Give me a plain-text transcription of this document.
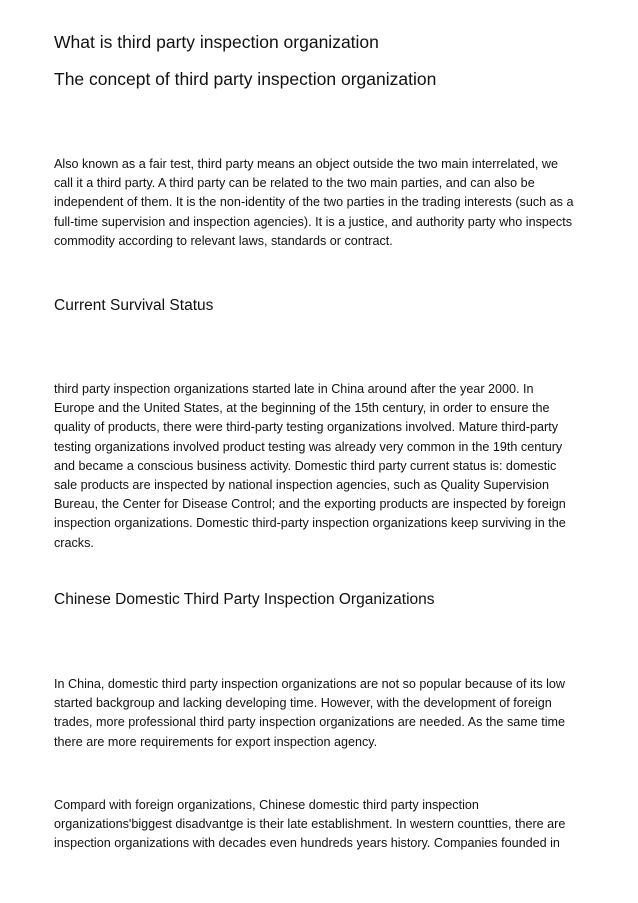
What is third party inspection organization
The concept of third party inspection organization

Also known as a fair test, third party means an object outside the two main interrelated, we
call it a third party. A third party can be related to the two main parties, and can also be
independent of them. It is the non-identity of the two parties in the trading interests (such as a
full-time supervision and inspection agencies). It is a justice, and authority party who inspects
commodity according to relevant laws, standards or contract.

Current Survival Status

third party inspection organizations started late in China around after the year 2000. In
Europe and the United States, at the beginning of the 15th century, in order to ensure the
quality of products, there were third-party testing organizations involved. Mature third-party
testing organizations involved product testing was already very common in the 19th century
and became a conscious business activity. Domestic third party current status is: domestic
sale products are inspected by national inspection agencies, such as Quality Supervision
Bureau, the Center for Disease Control; and the exporting products are inspected by foreign
inspection organizations. Domestic third-party inspection organizations keep surviving in the
cracks.

Chinese Domestic Third Party Inspection Organizations

In China, domestic third party inspection organizations are not so popular because of its low
started backgroup and lacking developing time. However, with the development of foreign
trades, more professional third party inspection organizations are needed. As the same time
there are more requirements for export inspection agency.

Compard with foreign organizations, Chinese domestic third party inspection
organizations'biggest disadvantge is their late establishment. In western countties, there are
inspection organizations with decades even hundreds years history. Companies founded in
